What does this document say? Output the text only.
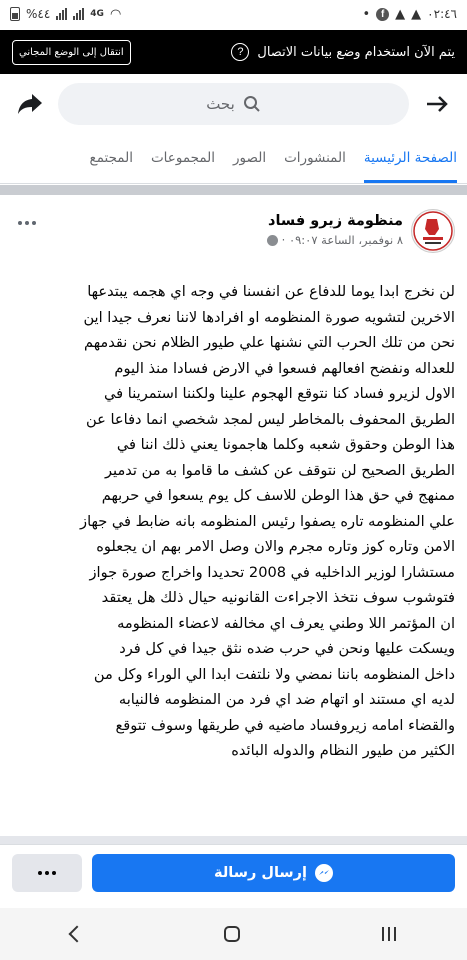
%٤٤	4G ◠	•	f ▲ ▲ ٠٢:٤٦
انتقال إلى الوضع المجاني	يتم الآن استخدام وضع بيانات الاتصال
?
بحث
الصفحة الرئيسية
المنشورات
الصور
المجموعات
المجتمع
منظومة زيرو فساد
٨ نوفمبر، الساعة ٠٩:٠٧ ·

لن نخرج ابدا يوما للدفاع عن انفسنا في وجه اي هجمه يبتدعها

الاخرين لتشويه صورة المنظومه او افرادها لاننا نعرف جيدا اين

نحن من تلك الحرب التي نشنها علي طيور الظلام نحن نقدمهم

للعداله ونفضح افعالهم فسعوا في الارض فسادا منذ اليوم

الاول لزيرو فساد كنا نتوقع الهجوم علينا ولكننا استمرينا في

الطريق المحفوف بالمخاطر ليس لمجد شخصي انما دفاعا عن

هذا الوطن وحقوق شعبه وكلما هاجمونا يعني ذلك اننا في

الطريق الصحيح لن نتوقف عن كشف ما قاموا به من تدمير

ممنهج في حق هذا الوطن للاسف كل يوم يسعوا في حربهم

علي المنظومه تاره يصفوا رئيس المنظومه بانه ضابط في جهاز

الامن وتاره كوز وتاره مجرم والان وصل الامر بهم ان يجعلوه

مستشارا لوزير الداخليه في 2008 تحديدا واخراج صورة جواز

فتوشوب سوف نتخذ الاجراءت القانونيه حيال ذلك هل يعتقد

ان المؤتمر اللا وطني يعرف اي مخالفه لاعضاء المنظومه

ويسكت عليها ونحن في حرب ضده نثق جيدا في كل فرد

داخل المنظومه باننا نمضي ولا نلتفت ابدا الي الوراء وكل من

لديه اي مستند او اتهام ضد اي فرد من المنظومه فالنيابه

والقضاء امامه زيروفساد ماضيه في طريقها وسوف تتوقع

الكثير من طيور النظام والدوله البائده

إرسال رسالة
